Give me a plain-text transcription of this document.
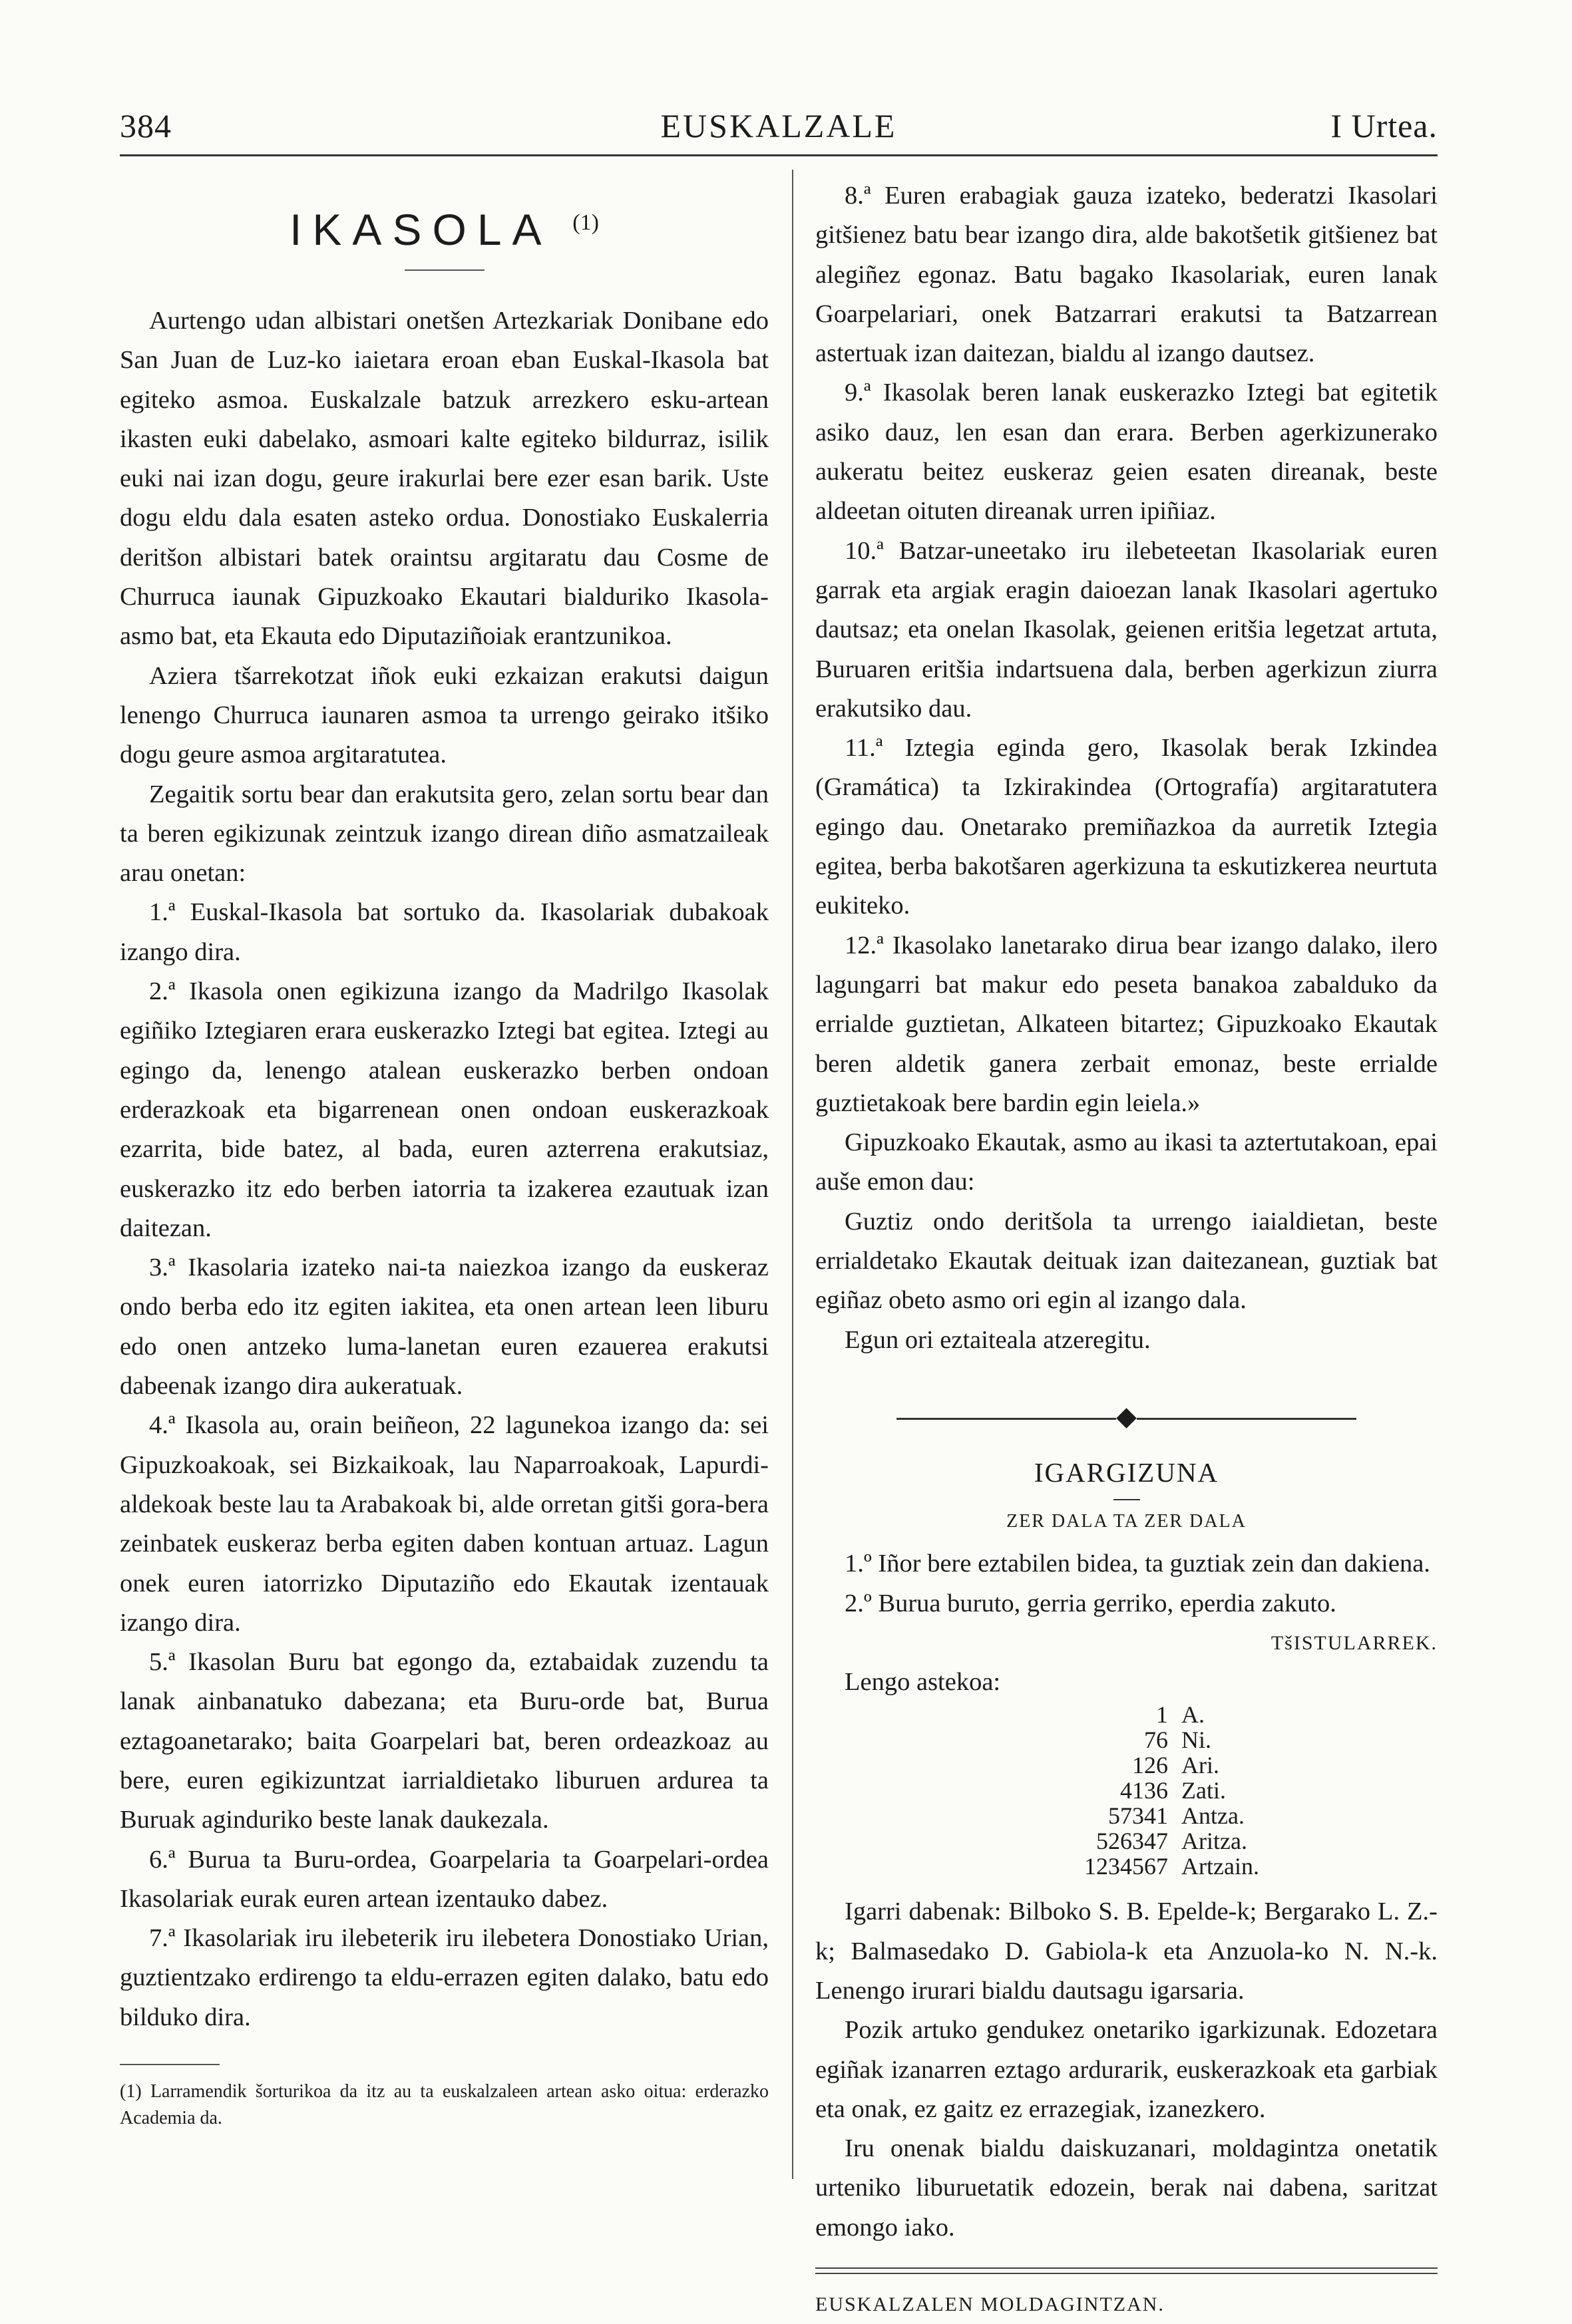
384	EUSKALZALE	I Urtea.
IKASOLA $^{(1)}$

Aurtengo udan albistari onetšen Artezkariak Donibane edo San Juan de Luz-ko iaietara eroan eban Euskal-Ikasola bat egiteko asmoa. Euskalzale batzuk arrezkero esku-artean ikasten euki dabelako, asmoari kalte egiteko bildurraz, isilik euki nai izan dogu, geure irakurlai bere ezer esan barik. Uste dogu eldu dala esaten asteko ordua. Donostiako Euskalerria deritšon albistari batek oraintsu argitaratu dau Cosme de Churruca iaunak Gipuzkoako Ekautari bialduriko Ikasola-asmo bat, eta Ekauta edo Diputaziñoiak erantzunikoa.

Aziera tšarrekotzat iñok euki ezkaizan erakutsi daigun lenengo Churruca iaunaren asmoa ta urrengo geirako itšiko dogu geure asmoa argitaratutea.

Zegaitik sortu bear dan erakutsita gero, zelan sortu bear dan ta beren egikizunak zeintzuk izango direan diño asmatzaileak arau onetan:

1.ª Euskal-Ikasola bat sortuko da. Ikasolariak dubakoak izango dira.

2.ª Ikasola onen egikizuna izango da Madrilgo Ikasolak egiñiko Iztegiaren erara euskerazko Iztegi bat egitea. Iztegi au egingo da, lenengo atalean euskerazko berben ondoan erderazkoak eta bigarrenean onen ondoan euskerazkoak ezarrita, bide batez, al bada, euren azterrena erakutsiaz, euskerazko itz edo berben iatorria ta izakerea ezautuak izan daitezan.

3.ª Ikasolaria izateko nai-ta naiezkoa izango da euskeraz ondo berba edo itz egiten iakitea, eta onen artean leen liburu edo onen antzeko luma-lanetan euren ezauerea erakutsi dabeenak izango dira aukeratuak.

4.ª Ikasola au, orain beiñeon, 22 lagunekoa izango da: sei Gipuzkoakoak, sei Bizkaikoak, lau Naparroakoak, Lapurdi-aldekoak beste lau ta Arabakoak bi, alde orretan gitši gora-bera zeinbatek euskeraz berba egiten daben kontuan artuaz. Lagun onek euren iatorrizko Diputaziño edo Ekautak izentauak izango dira.

5.ª Ikasolan Buru bat egongo da, eztabaidak zuzendu ta lanak ainbanatuko dabezana; eta Buru-orde bat, Burua eztagoanetarako; baita Goarpelari bat, beren ordeazkoaz au bere, euren egikizuntzat iarrialdietako liburuen ardurea ta Buruak aginduriko beste lanak daukezala.

6.ª Burua ta Buru-ordea, Goarpelaria ta Goarpelari-ordea Ikasolariak eurak euren artean izentauko dabez.

7.ª Ikasolariak iru ilebeterik iru ilebetera Donostiako Urian, guztientzako erdirengo ta eldu-errazen egiten dalako, batu edo bilduko dira.

(1) Larramendik šorturikoa da itz au ta euskalzaleen artean asko oitua: erderazko Academia da.

8.ª Euren erabagiak gauza izateko, bederatzi Ikasolari gitšienez batu bear izango dira, alde bakotšetik gitšienez bat alegiñez egonaz. Batu bagako Ikasolariak, euren lanak Goarpelariari, onek Batzarrari erakutsi ta Batzarrean astertuak izan daitezan, bialdu al izango dautsez.

9.ª Ikasolak beren lanak euskerazko Iztegi bat egitetik asiko dauz, len esan dan erara. Berben agerkizunerako aukeratu beitez euskeraz geien esaten direanak, beste aldeetan oituten direanak urren ipiñiaz.

10.ª Batzar-uneetako iru ilebeteetan Ikasolariak euren garrak eta argiak eragin daioezan lanak Ikasolari agertuko dautsaz; eta onelan Ikasolak, geienen eritšia legetzat artuta, Buruaren eritšia indartsuena dala, berben agerkizun ziurra erakutsiko dau.

11.ª Iztegia eginda gero, Ikasolak berak Izkindea (Gramática) ta Izkirakindea (Ortografía) argitaratutera egingo dau. Onetarako premiñazkoa da aurretik Iztegia egitea, berba bakotšaren agerkizuna ta eskutizkerea neurtuta eukiteko.

12.ª Ikasolako lanetarako dirua bear izango dalako, ilero lagungarri bat makur edo peseta banakoa zabalduko da errialde guztietan, Alkateen bitartez; Gipuzkoako Ekautak beren aldetik ganera zerbait emonaz, beste errialde guztietakoak bere bardin egin leiela.»

Gipuzkoako Ekautak, asmo au ikasi ta aztertutakoan, epai auše emon dau:

Guztiz ondo deritšola ta urrengo iaialdietan, beste errialdetako Ekautak deituak izan daitezanean, guztiak bat egiñaz obeto asmo ori egin al izango dala.

Egun ori eztaiteala atzeregitu.

◆

IGARGIZUNA

ZER DALA TA ZER DALA

1.º Iñor bere eztabilen bidea, ta guztiak zein dan dakiena.

2.º Burua buruto, gerria gerriko, eperdia zakuto.

TšISTULARREK.

Lengo astekoa:

1 A.
76 Ni.
126 Ari.
4136 Zati.
57341 Antza.
526347 Aritza.
1234567 Artzain.

Igarri dabenak: Bilboko S. B. Epelde-k; Bergarako L. Z.-k; Balmasedako D. Gabiola-k eta Anzuola-ko N. N.-k. Lenengo irurari bialdu dautsagu igarsaria.

Pozik artuko gendukez onetariko igarkizunak. Edozetara egiñak izanarren eztago ardurarik, euskerazkoak eta garbiak eta onak, ez gaitz ez errazegiak, izanezkero.

Iru onenak bialdu daiskuzanari, moldagintza onetatik urteniko liburuetatik edozein, berak nai dabena, saritzat emongo iako.

EUSKALZALEN MOLDAGINTZAN.
